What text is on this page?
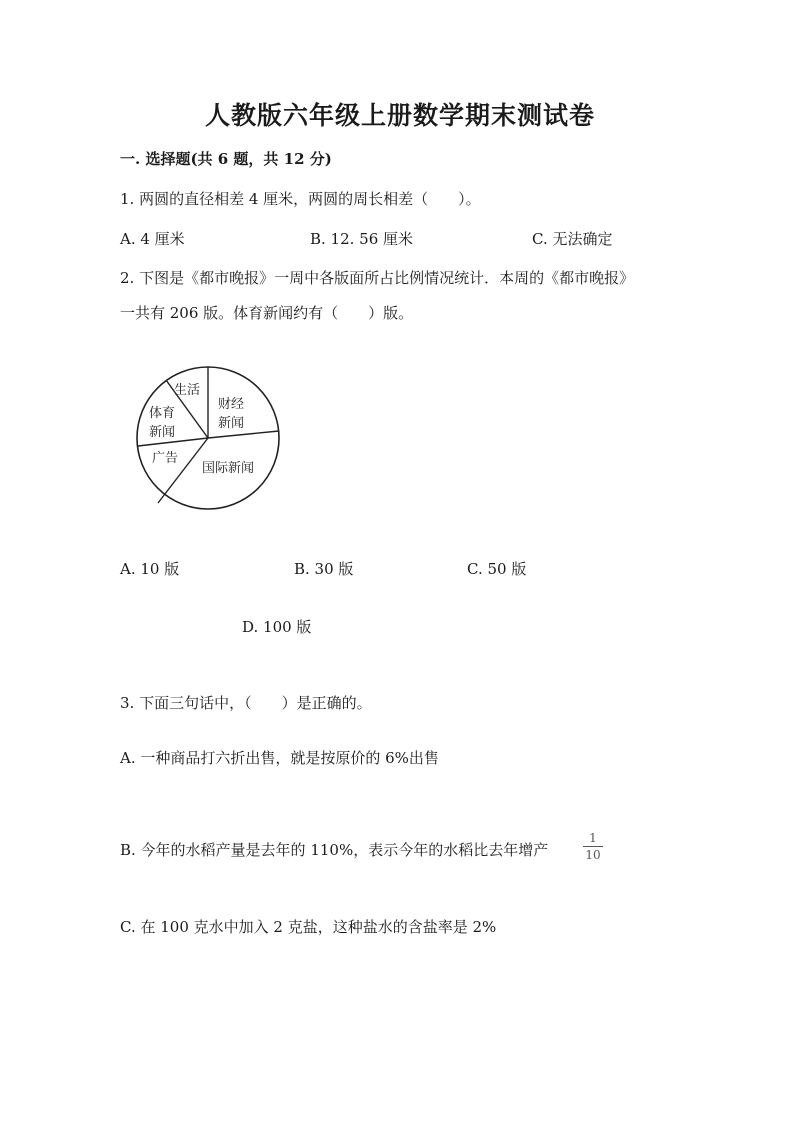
人教版六年级上册数学期末测试卷
一. 选择题(共 6 题，共 12 分)
1. 两圆的直径相差 4 厘米，两圆的周长相差（　　）。
A. 4 厘米	B. 12. 56 厘米	C. 无法确定
2. 下图是《都市晚报》一周中各版面所占比例情况统计．本周的《都市晚报》
一共有 206 版。体育新闻约有（　　）版。
生活
财经
新闻
体育
新闻
广告
国际新闻
A. 10 版	B. 30 版	C. 50 版
D. 100 版
3. 下面三句话中，（　　）是正确的。
A. 一种商品打六折出售，就是按原价的 6%出售
B. 今年的水稻产量是去年的 110%，表示今年的水稻比去年增产
1
10
C. 在 100 克水中加入 2 克盐，这种盐水的含盐率是 2%
